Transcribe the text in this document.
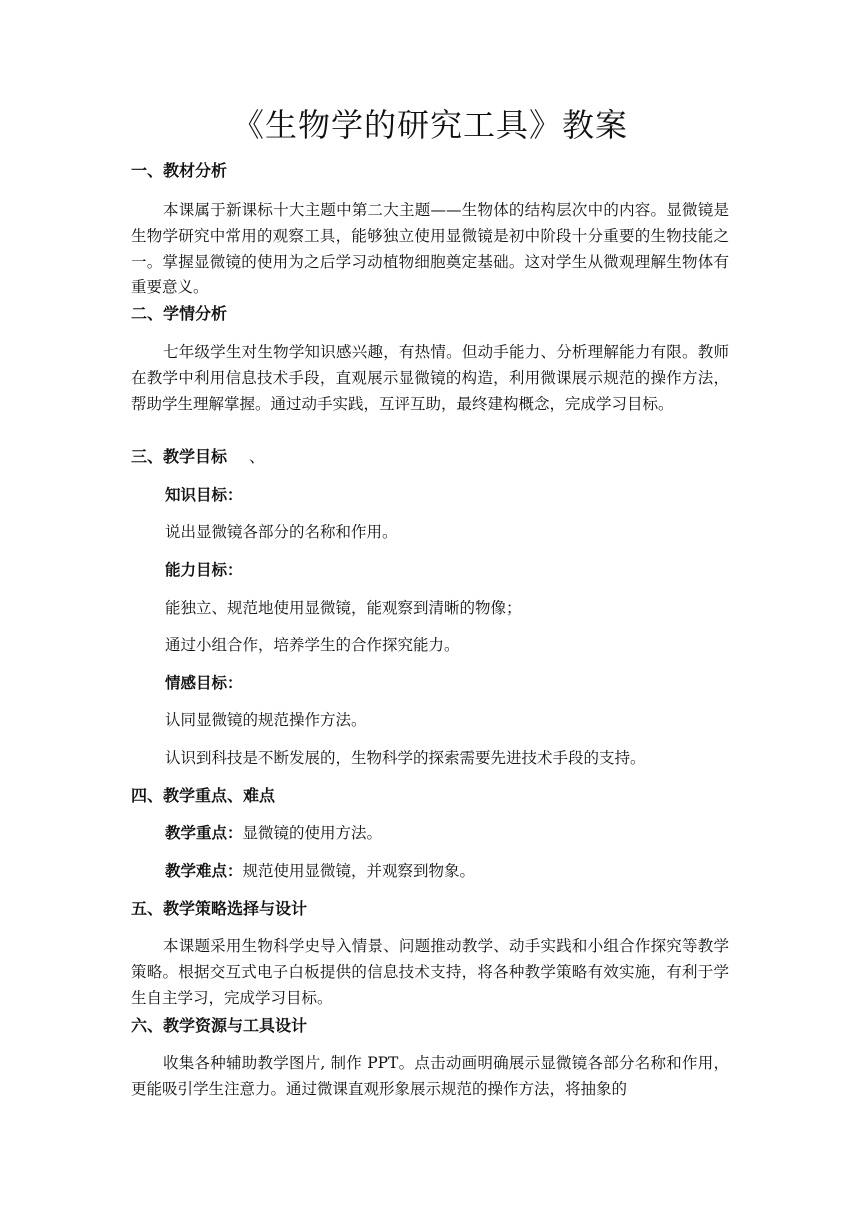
《生物学的研究工具》教案
一、教材分析
本课属于新课标十大主题中第二大主题——生物体的结构层次中的内容。显微镜是生物学研究中常用的观察工具，能够独立使用显微镜是初中阶段十分重要的生物技能之一。掌握显微镜的使用为之后学习动植物细胞奠定基础。这对学生从微观理解生物体有重要意义。
二、学情分析
七年级学生对生物学知识感兴趣，有热情。但动手能力、分析理解能力有限。教师在教学中利用信息技术手段，直观展示显微镜的构造，利用微课展示规范的操作方法，帮助学生理解掌握。通过动手实践，互评互助，最终建构概念，完成学习目标。
三、教学目标 、
知识目标：
说出显微镜各部分的名称和作用。
能力目标：
能独立、规范地使用显微镜，能观察到清晰的物像；
通过小组合作，培养学生的合作探究能力。
情感目标：
认同显微镜的规范操作方法。
认识到科技是不断发展的，生物科学的探索需要先进技术手段的支持。
四、教学重点、难点
教学重点：显微镜的使用方法。
教学难点：规范使用显微镜，并观察到物象。
五、教学策略选择与设计
本课题采用生物科学史导入情景、问题推动教学、动手实践和小组合作探究等教学策略。根据交互式电子白板提供的信息技术支持，将各种教学策略有效实施，有利于学生自主学习，完成学习目标。
六、教学资源与工具设计
收集各种辅助教学图片, 制作 PPT。点击动画明确展示显微镜各部分名称和作用，更能吸引学生注意力。通过微课直观形象展示规范的操作方法，将抽象的
